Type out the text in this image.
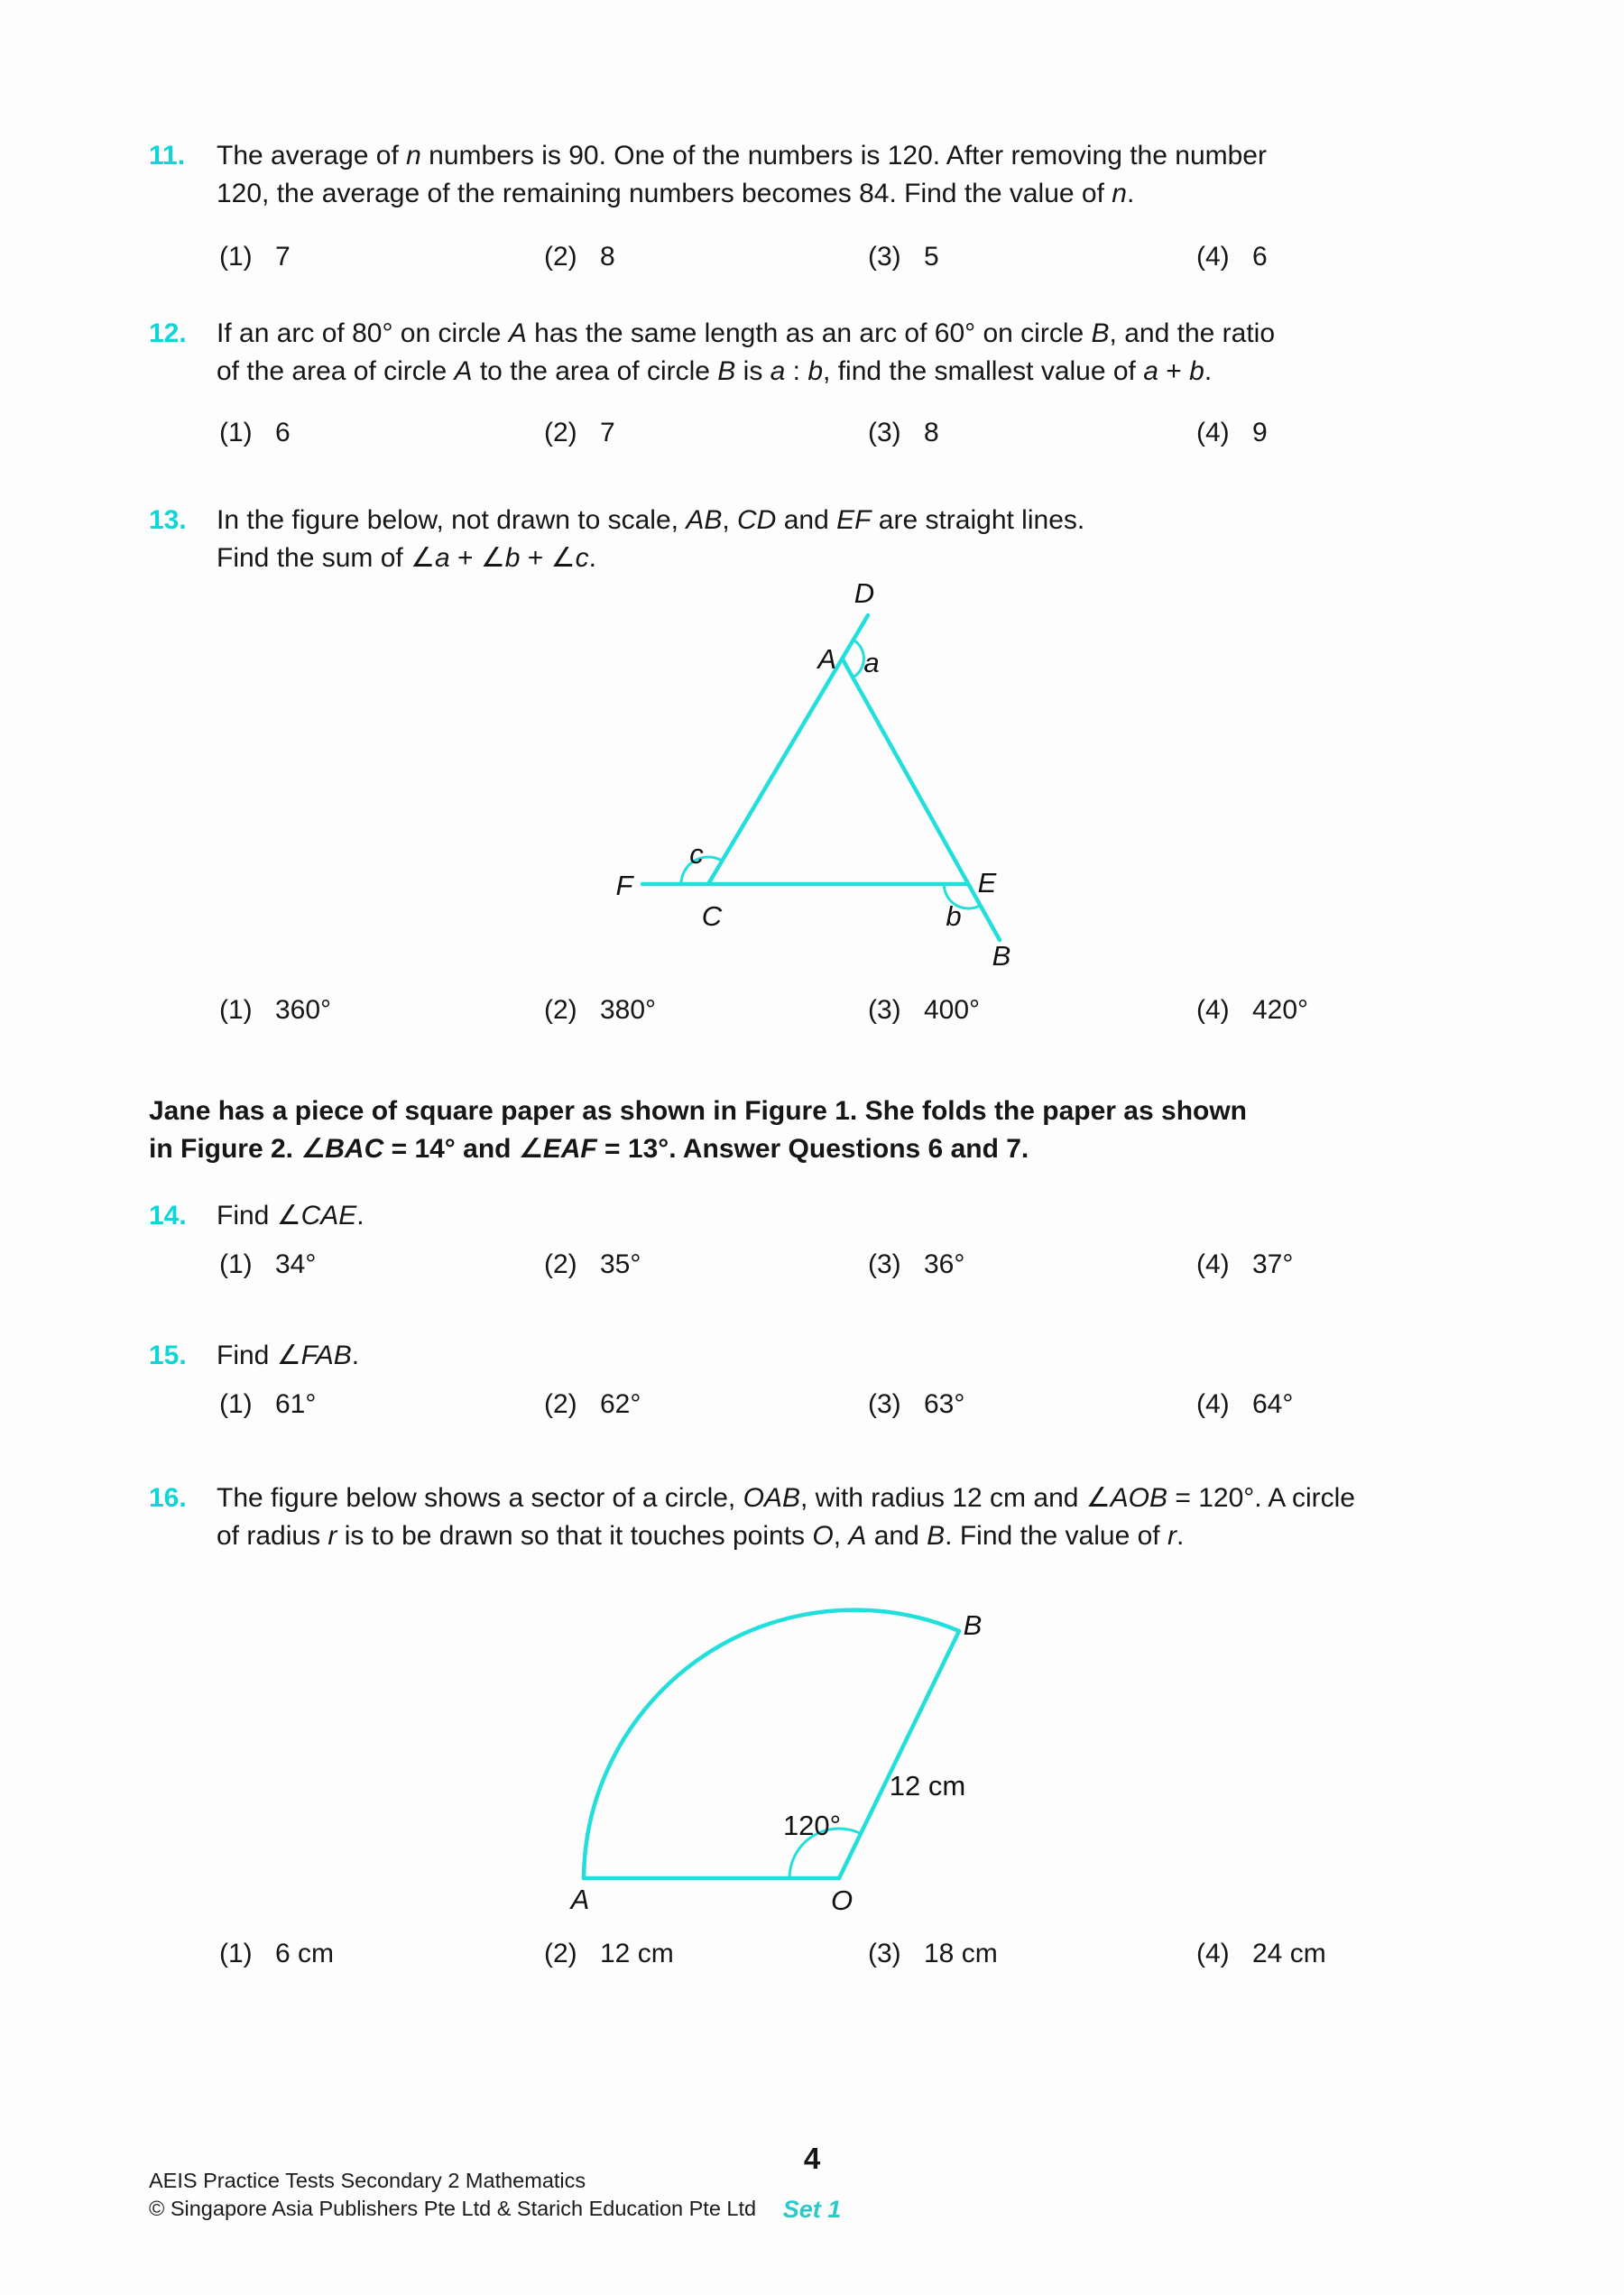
11. The average of n numbers is 90. One of the numbers is 120. After removing the number
120, the average of the remaining numbers becomes 84. Find the value of n.
(1) 7	(2) 8	(3) 5	(4) 6
12. If an arc of 80° on circle A has the same length as an arc of 60° on circle B, and the ratio
of the area of circle A to the area of circle B is a : b, find the smallest value of a + b.
(1) 6	(2) 7	(3) 8	(4) 9
13. In the figure below, not drawn to scale, AB, CD and EF are straight lines.
Find the sum of ∠a + ∠b + ∠c.
D
A a
F
C
c
E
b
B
(1) 360°	(2) 380°	(3) 400°	(4) 420°
Jane has a piece of square paper as shown in Figure 1. She folds the paper as shown
in Figure 2. ∠BAC = 14° and ∠EAF = 13°. Answer Questions 6 and 7.
14. Find ∠CAE.
(1) 34°	(2) 35°	(3) 36°	(4) 37°
15. Find ∠FAB.
(1) 61°	(2) 62°	(3) 63°	(4) 64°
16. The figure below shows a sector of a circle, OAB, with radius 12 cm and ∠AOB = 120°. A circle
of radius r is to be drawn so that it touches points O, A and B. Find the value of r.
A	O
B
12 cm
120°
(1) 6 cm	(2) 12 cm	(3) 18 cm	(4) 24 cm
AEIS Practice Tests Secondary 2 Mathematics
© Singapore Asia Publishers Pte Ltd & Starich Education Pte Ltd
4
Set 1
